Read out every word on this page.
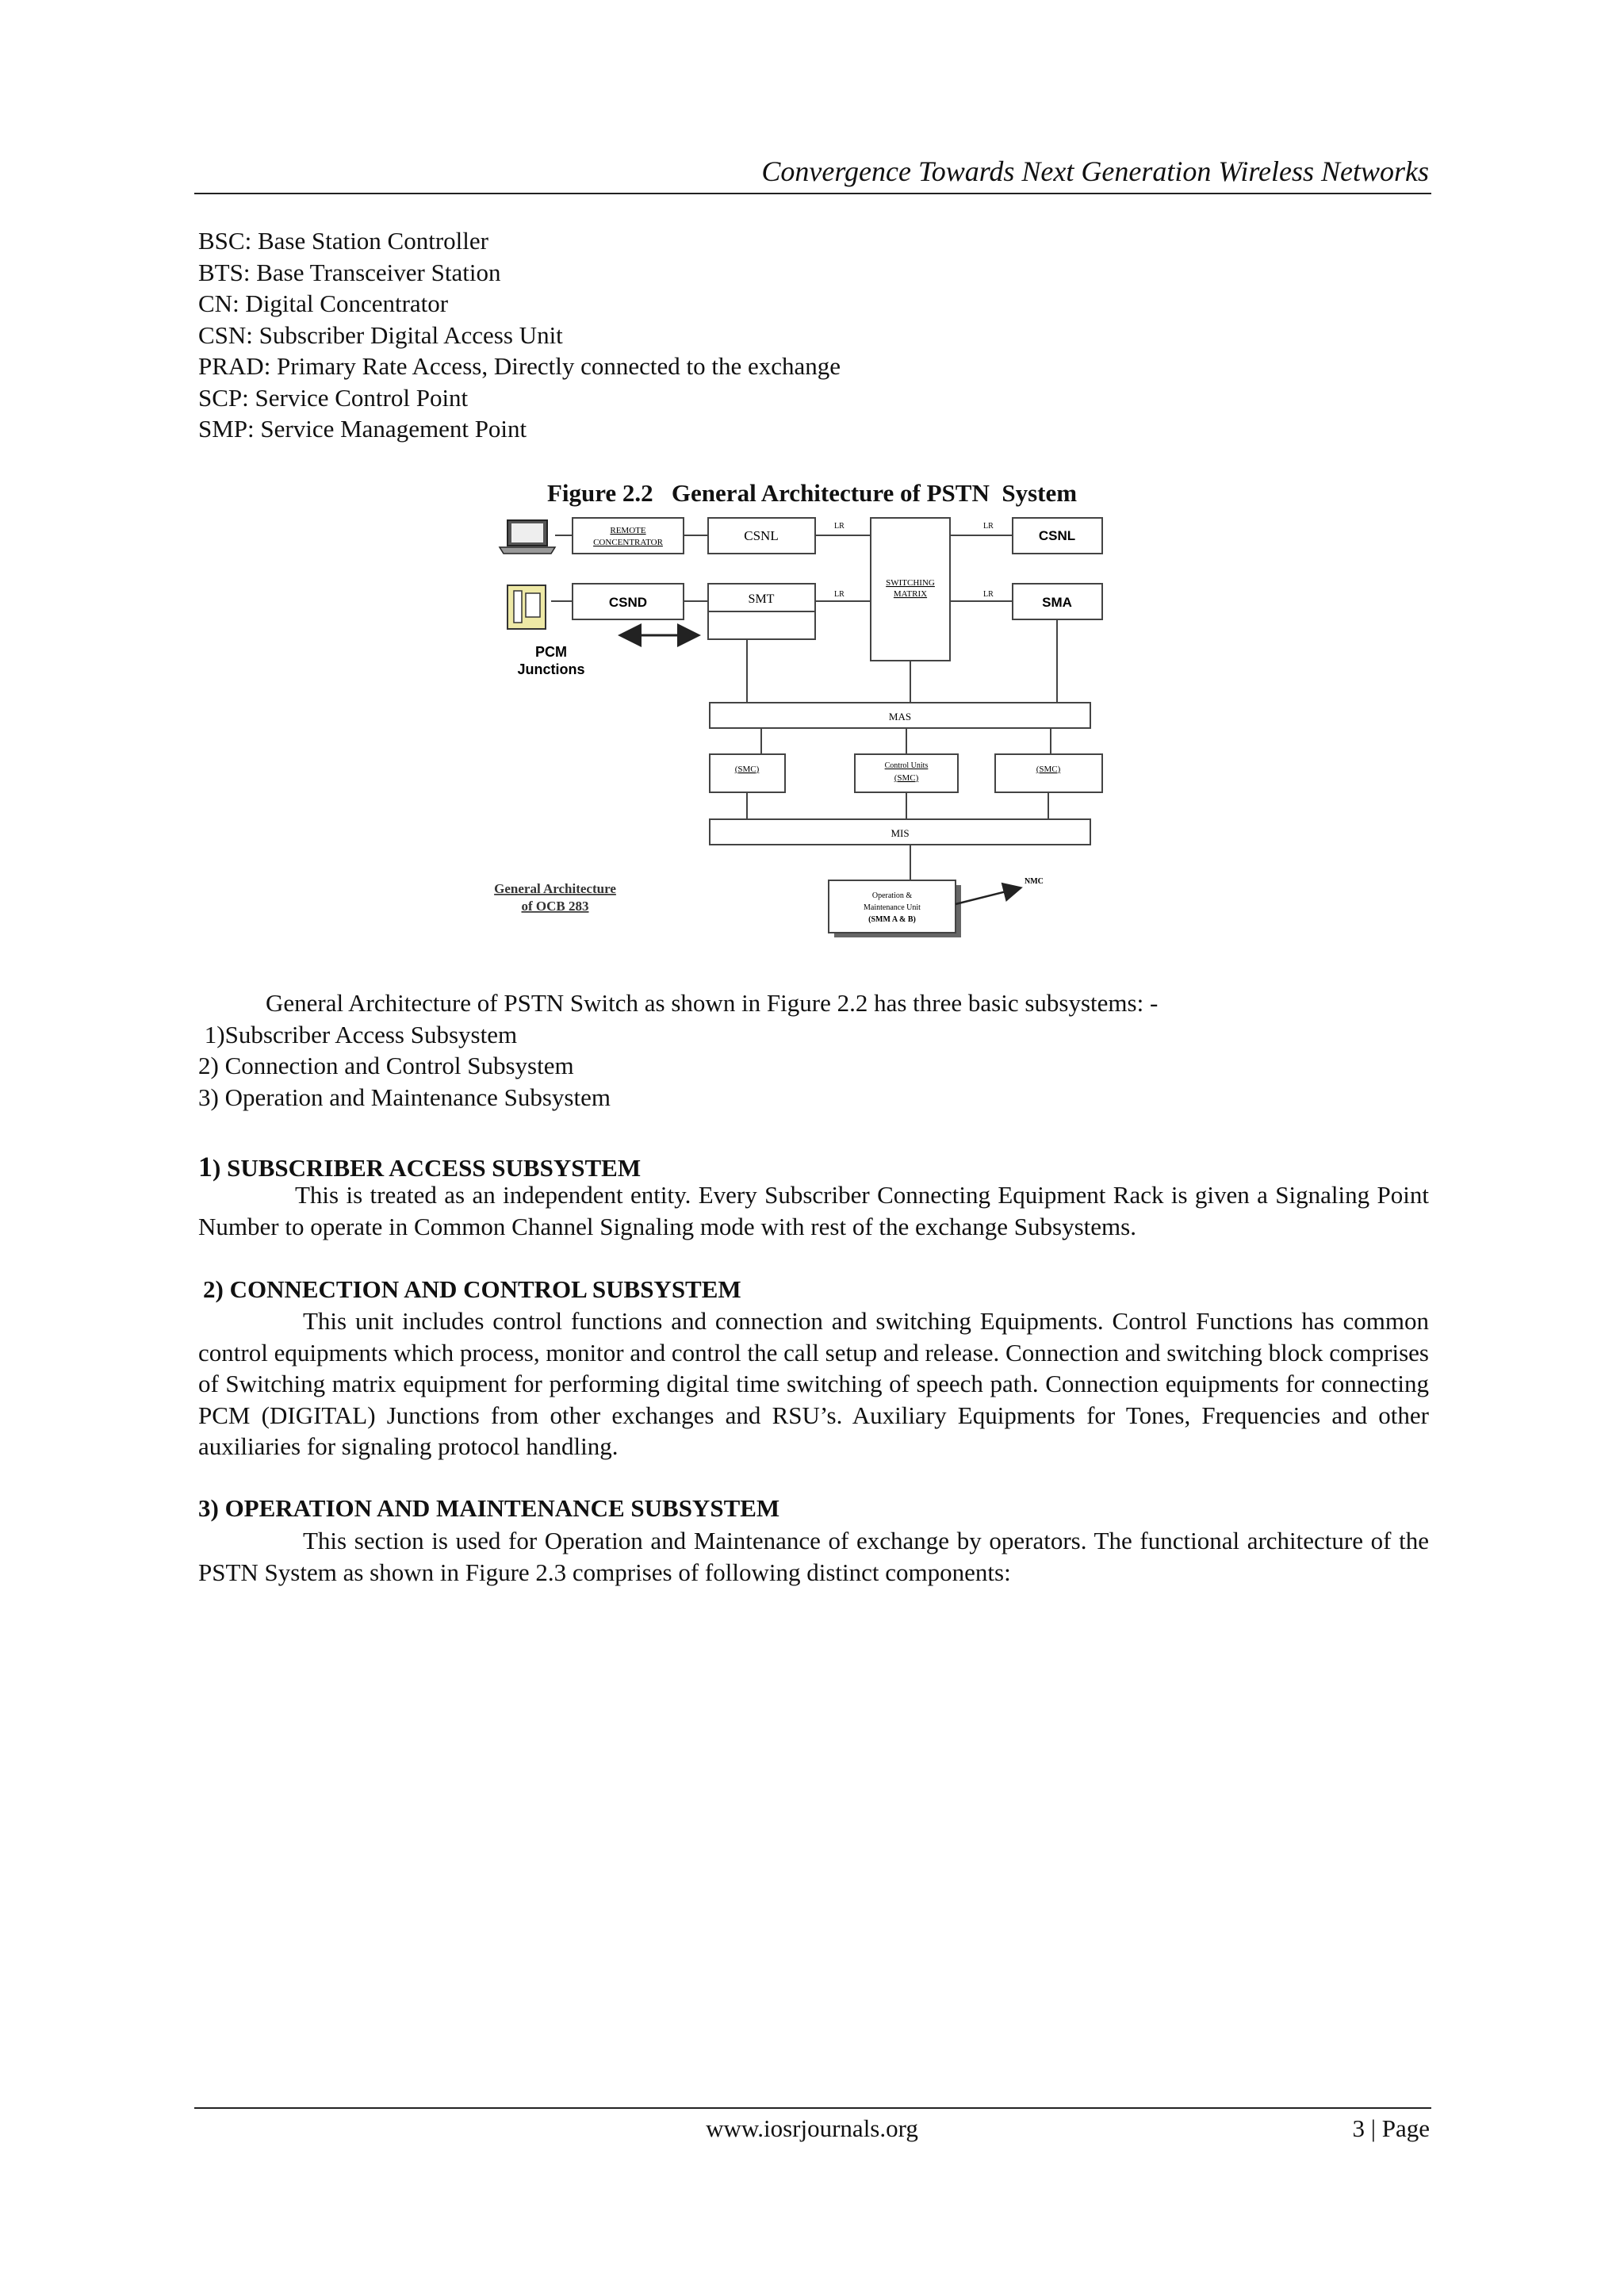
Convergence Towards Next Generation Wireless Networks
BSC: Base Station Controller
BTS: Base Transceiver Station
CN: Digital Concentrator
CSN: Subscriber Digital Access Unit
PRAD: Primary Rate Access, Directly connected to the exchange
SCP: Service Control Point
SMP: Service Management Point
Figure 2.2   General Architecture of PSTN  System
REMOTE
CONCENTRATOR	CSNL
SWITCHING
MATRIX
CSNL
CSND	SMT	SMA
LR	LR
LR	LR
PCM
Junctions
MAS
(SMC)	Control Units
(SMC)
(SMC)
MIS
Operation &
Maintenance Unit
(SMM A & B)
NMC
General Architecture
of OCB 283
General Architecture of PSTN Switch as shown in Figure 2.2 has three basic subsystems: -
1)Subscriber Access Subsystem
2) Connection and Control Subsystem
3) Operation and Maintenance Subsystem
1) SUBSCRIBER ACCESS SUBSYSTEM
This is treated as an independent entity. Every Subscriber Connecting Equipment Rack is given a Signaling Point Number to operate in Common Channel Signaling mode with rest of the exchange Subsystems.
2) CONNECTION AND CONTROL SUBSYSTEM
This unit includes control functions and connection and switching Equipments. Control Functions has common control equipments which process, monitor and control the call setup and release. Connection and switching block comprises of Switching matrix equipment for performing digital time switching of speech path. Connection equipments for connecting PCM (DIGITAL) Junctions from other exchanges and RSU’s. Auxiliary Equipments for Tones, Frequencies and other auxiliaries for signaling protocol handling.
3) OPERATION AND MAINTENANCE SUBSYSTEM
This section is used for Operation and Maintenance of exchange by operators. The functional architecture of the PSTN System as shown in Figure 2.3 comprises of following distinct components:
www.iosrjournals.org	3 | Page
